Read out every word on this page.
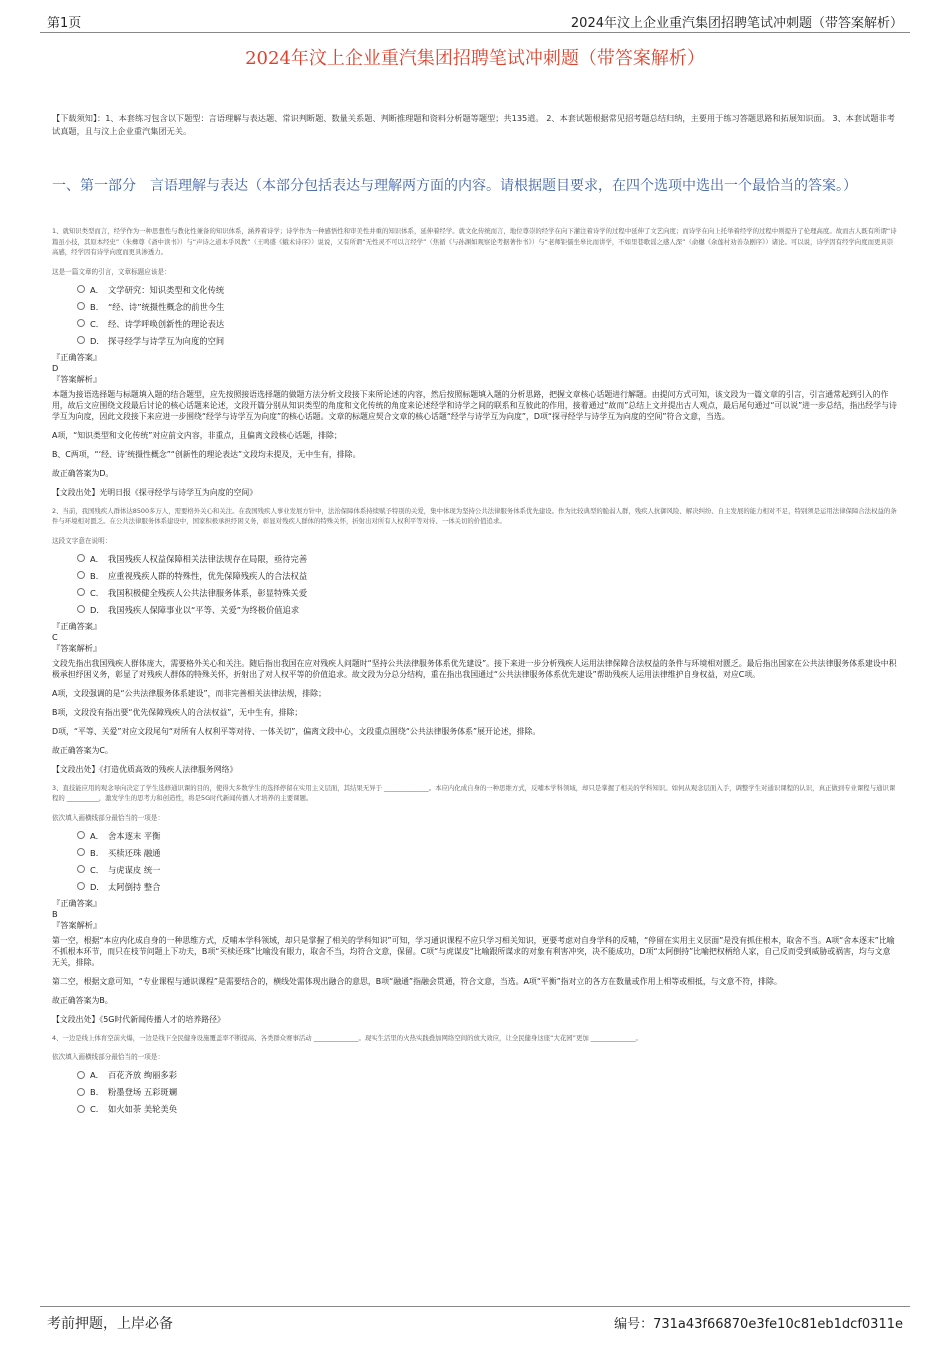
第1页	2024年汶上企业重汽集团招聘笔试冲刺题（带答案解析）
2024年汶上企业重汽集团招聘笔试冲刺题（带答案解析）
【下载须知】：1、本套练习包含以下题型：言语理解与表达题、常识判断题、数量关系题、判断推理题和资料分析题等题型；共135道。 2、本套试题根据常见招考题总结归纳，主要用于练习答题思路和拓展知识面。 3、本套试题非考试真题，且与汶上企业重汽集团无关。
一、第一部分　言语理解与表达（本部分包括表达与理解两方面的内容。请根据题目要求，在四个选项中选出一个最恰当的答案。）

1、就知识类型而言，经学作为一种思想性与教化性兼备的知识体系，涵养着诗学；诗学作为一种感悟性和审美性并重的知识体系，延伸着经学。就文化传统而言，地位尊崇的经学在向下灌注着诗学的过程中延伸了文艺向度；而诗学在向上托举着经学的过程中则提升了伦理高度。故而古人既有所谓“诗篇虽小技，其原本经史”（朱彝尊《斋中读书》）与“声诗之道本乎风教”（王鸣盛《蛾术诗序》）说说，又有所谓“无性灵不可以言经学”（焦循《与孙渊如观察论考据著作书》）与“老师钜儒坐皋比而讲学，不如里巷歌谣之感人深”（俞樾《余莲村劝善杂剧序》）诸论。可以说，诗学因有经学向度而更具崇高感，经学因有诗学向度而更具渗透力。

这是一篇文章的引言，文章标题应该是：

A． 文学研究：知识类型和文化传统
B． “经、诗”统摄性概念的前世今生
C． 经、诗学呼唤创新性的理论表达
D． 探寻经学与诗学互为向度的空间

『正确答案』

D

『答案解析』

本题为接语选择题与标题填入题的结合题型，应先按照接语选择题的做题方法分析文段接下来所论述的内容，然后按照标题填入题的分析思路，把握文章核心话题进行解题。由提问方式可知，该文段为一篇文章的引言，引言通常起到引入的作用，故后文应围绕文段最后讨论的核心话题来论述，文段开篇分别从知识类型的角度和文化传统的角度来论述经学和诗学之间的联系和互彼此的作用，接着通过“故而”总结上文并提出古人观点，最后尾句通过“可以说”进一步总结，指出经学与诗学互为向度，因此文段接下来应进一步围绕“经学与诗学互为向度”的核心话题。文章的标题应契合文章的核心话题“经学与诗学互为向度”，D项“探寻经学与诗学互为向度的空间”符合文意，当选。

A项，“知识类型和文化传统”对应前文内容，非重点，且偏离文段核心话题，排除；

B、C两项，“‘经、诗’统摄性概念”“创新性的理论表达”文段均未提及，无中生有，排除。

故正确答案为D。

【文段出处】光明日报《探寻经学与诗学互为向度的空间》

2、当前，我国残疾人群体达8500多万人，需要格外关心和关注。在我国残疾人事业发展方针中，法治保障体系持续赋予特别的关爱，集中体现为坚持公共法律服务体系优先建设。作为比较典型的脆弱人群，残疾人抗御风险、解决纠纷、自主发展的能力相对不足，特别须是运用法律保障合法权益的条件与环境相对匮乏。在公共法律服务体系建设中，国家积极承担纾困义务，彰显对残疾人群体的特殊关怀，折射出对所有人权利平等对待、一体关切的价值追求。

这段文字意在说明：

A． 我国残疾人权益保障相关法律法规存在局限，亟待完善
B． 应重视残疾人群的特殊性，优先保障残疾人的合法权益
C． 我国积极健全残疾人公共法律服务体系，彰显特殊关爱
D． 我国残疾人保障事业以“平等、关爱”为终极价值追求

『正确答案』

C

『答案解析』

文段先指出我国残疾人群体庞大，需要格外关心和关注。随后指出我国在应对残疾人问题时“坚持公共法律服务体系优先建设”。接下来进一步分析残疾人运用法律保障合法权益的条件与环境相对匮乏。最后指出国家在公共法律服务体系建设中积极承担纾困义务，彰显了对残疾人群体的特殊关怀，折射出了对人权平等的价值追求。故文段为分总分结构，重在指出我国通过“公共法律服务体系优先建设”帮助残疾人运用法律维护自身权益，对应C项。

A项，文段强调的是“公共法律服务体系建设”，而非完善相关法律法规，排除；

B项，文段没有指出要“优先保障残疾人的合法权益”，无中生有，排除；

D项，“平等、关爱”对应文段尾句“对所有人权利平等对待、一体关切”，偏离文段中心，文段重点围绕“公共法律服务体系”展开论述，排除。

故正确答案为C。

【文段出处】《打造优质高效的残疾人法律服务网络》

3、直技能应用的观念导向决定了学生选修通识课的目的，使得大多数学生的选择停留在实用主义层面，其结果无异于 ______________。本应内化成自身的一种思维方式，反哺本学科领域，却只是掌握了相关的学科知识。如何从观念层面入手，调整学生对通识课程的认识，真正做到专业课程与通识课程的 __________，激发学生的思考力和创造性，将是5G时代新闻传播人才培养的主要课题。

依次填入画横线部分最恰当的一项是：

A． 舍本逐末 平衡
B． 买椟还珠 融通
C． 与虎谋皮 统一
D． 太阿倒持 整合

『正确答案』

B

『答案解析』

第一空，根据“本应内化成自身的一种思维方式，反哺本学科领域，却只是掌握了相关的学科知识”可知，学习通识课程不应只学习相关知识，更要考虑对自身学科的反哺，“停留在实用主义层面”是没有抓住根本，取舍不当。A项“舍本逐末”比喻不抓根本环节，而只在枝节问题上下功夫，B项“买椟还珠”比喻没有眼力，取舍不当，均符合文意，保留。C项“与虎谋皮”比喻跟所谋求的对象有利害冲突，决不能成功，D项“太阿倒持”比喻把权柄给人家，自己反而受到威胁或祸害，均与文意无关，排除。

第二空，根据文意可知，“专业课程与通识课程”是需要结合的，横线处需体现出融合的意思，B项“融通”指融会贯通，符合文意，当选。A项“平衡”指对立的各方在数量或作用上相等或相抵，与文意不符，排除。

故正确答案为B。

【文段出处】《5G时代新闻传播人才的培养路径》

4、一边是线上体育空前火爆，一边是线下全民健身设施覆盖率不断提高、各类群众赛事活动 ______________。现实生活里的火热实践叠加网络空间的放大效应，让全民健身这座“大花园”更加 ______________。

依次填入画横线部分最恰当的一项是：

A． 百花齐放 绚丽多彩
B． 粉墨登场 五彩斑斓
C． 如火如荼 美轮美奂
考前押题，上岸必备	编号：731a43f66870e3fe10c81eb1dcf0311e
